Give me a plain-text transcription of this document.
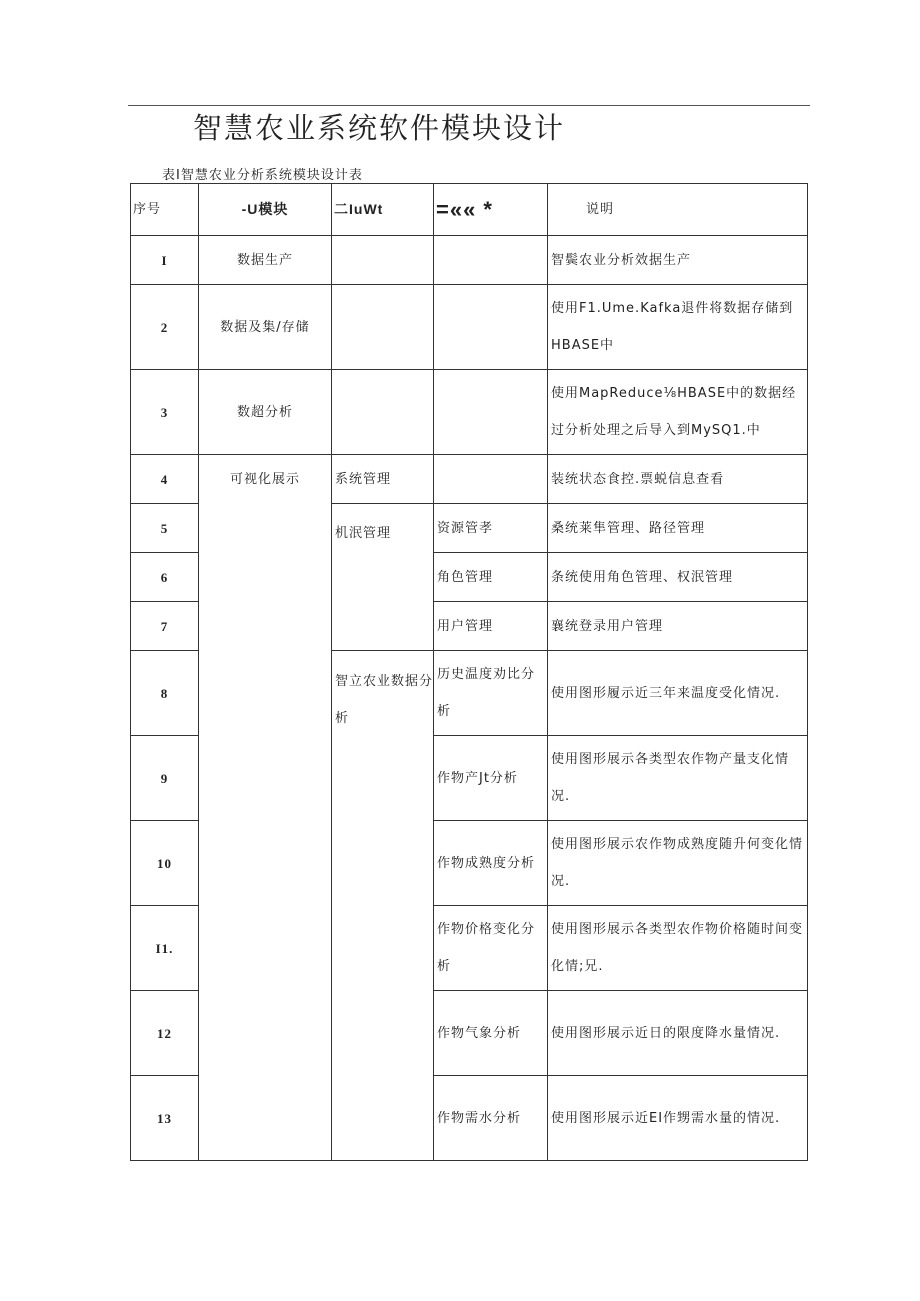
智慧农业系统软件模块设计
表I智慧农业分析系统模块设计表
序号	-U模块	二IuWt	=«« *	说明
I	数据生产			智鬓农业分析效据生产
2	数据及集/存储			使用F1.Ume.Kafka退件将数据存储到HBASE中
3	数超分析			使用MapReduce⅛HBASE中的数据经过分析处理之后导入到MySQ1.中
4	可视化展示	系统管理		装统状态食控.票蜕信息查看
5		机泯管理	资源管孝	桑统莱隼管理、路径管理
6			角色管理	条统使用角色管理、权泯管理
7			用户管理	襄统登录用户管理
8		智立农业数据分析	历史温度劝比分析	使用图形履示近三年来温度受化情况.
9			作物产Jt分析	使用图形展示各类型农作物产量支化情况.
10			作物成熟度分析	使用图形展示农作物成熟度随升何变化情况.
I1.			作物价格变化分析	使用图形展示各类型农作物价格随时间变化情;兄.
12			作物气象分析	使用图形展示近日的限度降水量情况.
13			作物需水分析	使用图形展示近EI作甥需水量的情况.
